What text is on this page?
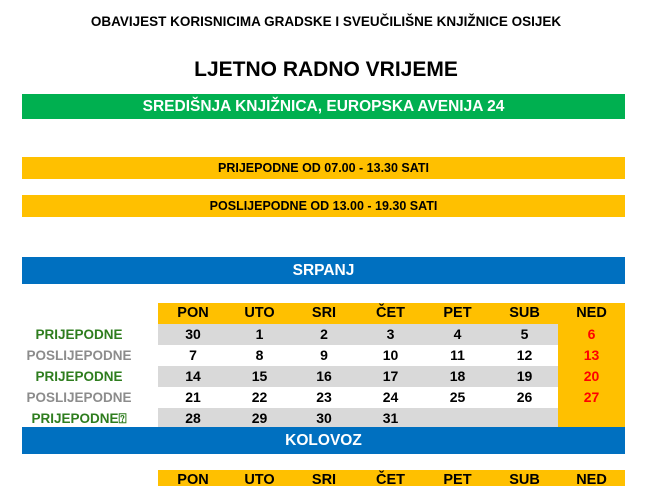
OBAVIJEST KORISNICIMA GRADSKE I SVEUČILIŠNE KNJIŽNICE OSIJEK
LJETNO RADNO VRIJEME
SREDIŠNJA KNJIŽNICA, EUROPSKA AVENIJA 24
PRIJEPODNE OD 07.00 - 13.30 SATI
POSLIJEPODNE OD 13.00 - 19.30 SATI
SRPANJ
PON	UTO	SRI	ČET	PET	SUB	NED
PRIJEPODNE	30	1	2	3	4	5	6
POSLIJEPODNE	7	8	9	10	11	12	13
PRIJEPODNE	14	15	16	17	18	19	20
POSLIJEPODNE	21	22	23	24	25	26	27
PRIJEPODNE⍰	28	29	30	31
KOLOVOZ
PON	UTO	SRI	ČET	PET	SUB	NED
